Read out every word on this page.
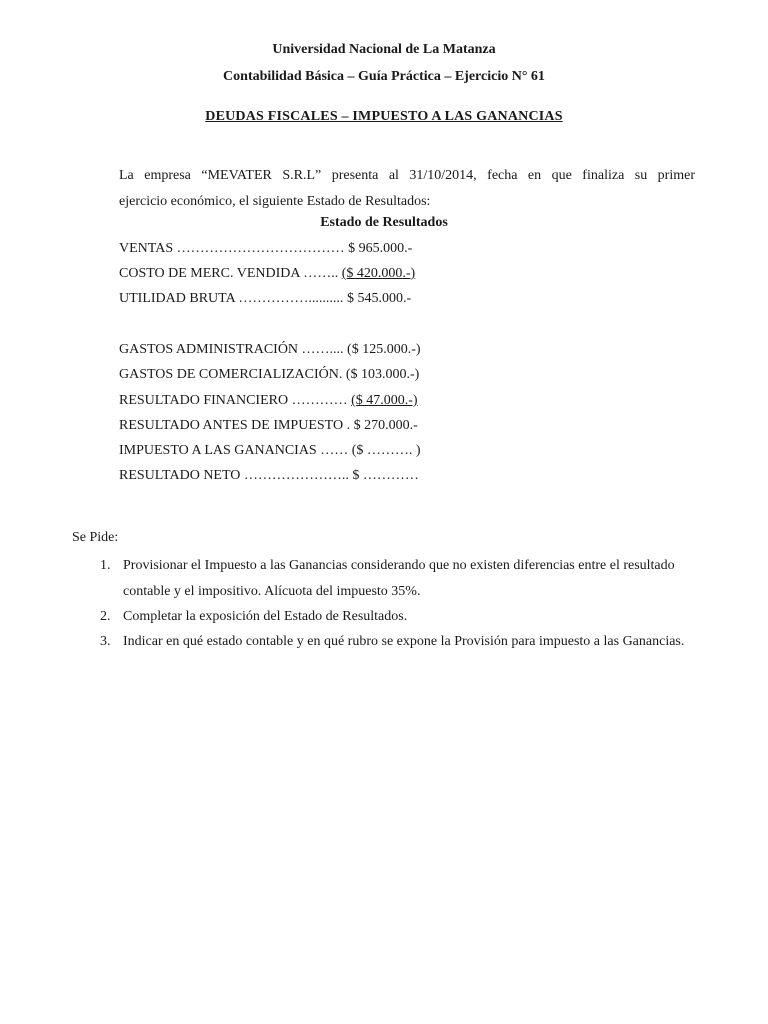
Universidad Nacional de La Matanza
Contabilidad Básica – Guía Práctica – Ejercicio N° 61
DEUDAS FISCALES – IMPUESTO A LAS GANANCIAS

La empresa “MEVATER S.R.L” presenta al 31/10/2014, fecha en que finaliza su primer
ejercicio económico, el siguiente Estado de Resultados:

Estado de Resultados
VENTAS ……………………………… $ 965.000.-
COSTO DE MERC. VENDIDA …….. ($ 420.000.-)
UTILIDAD BRUTA …………….......... $ 545.000.-
GASTOS ADMINISTRACIÓN …….... ($ 125.000.-)
GASTOS DE COMERCIALIZACIÓN. ($ 103.000.-)
RESULTADO FINANCIERO ………… ($ 47.000.-)
RESULTADO ANTES DE IMPUESTO . $ 270.000.-
IMPUESTO A LAS GANANCIAS …… ($ ………. )
RESULTADO NETO ………………….. $ …………
Se Pide:
1. Provisionar el Impuesto a las Ganancias considerando que no existen diferencias entre el resultado contable y el impositivo. Alícuota del impuesto 35%.
2. Completar la exposición del Estado de Resultados.
3. Indicar en qué estado contable y en qué rubro se expone la Provisión para impuesto a las Ganancias.
